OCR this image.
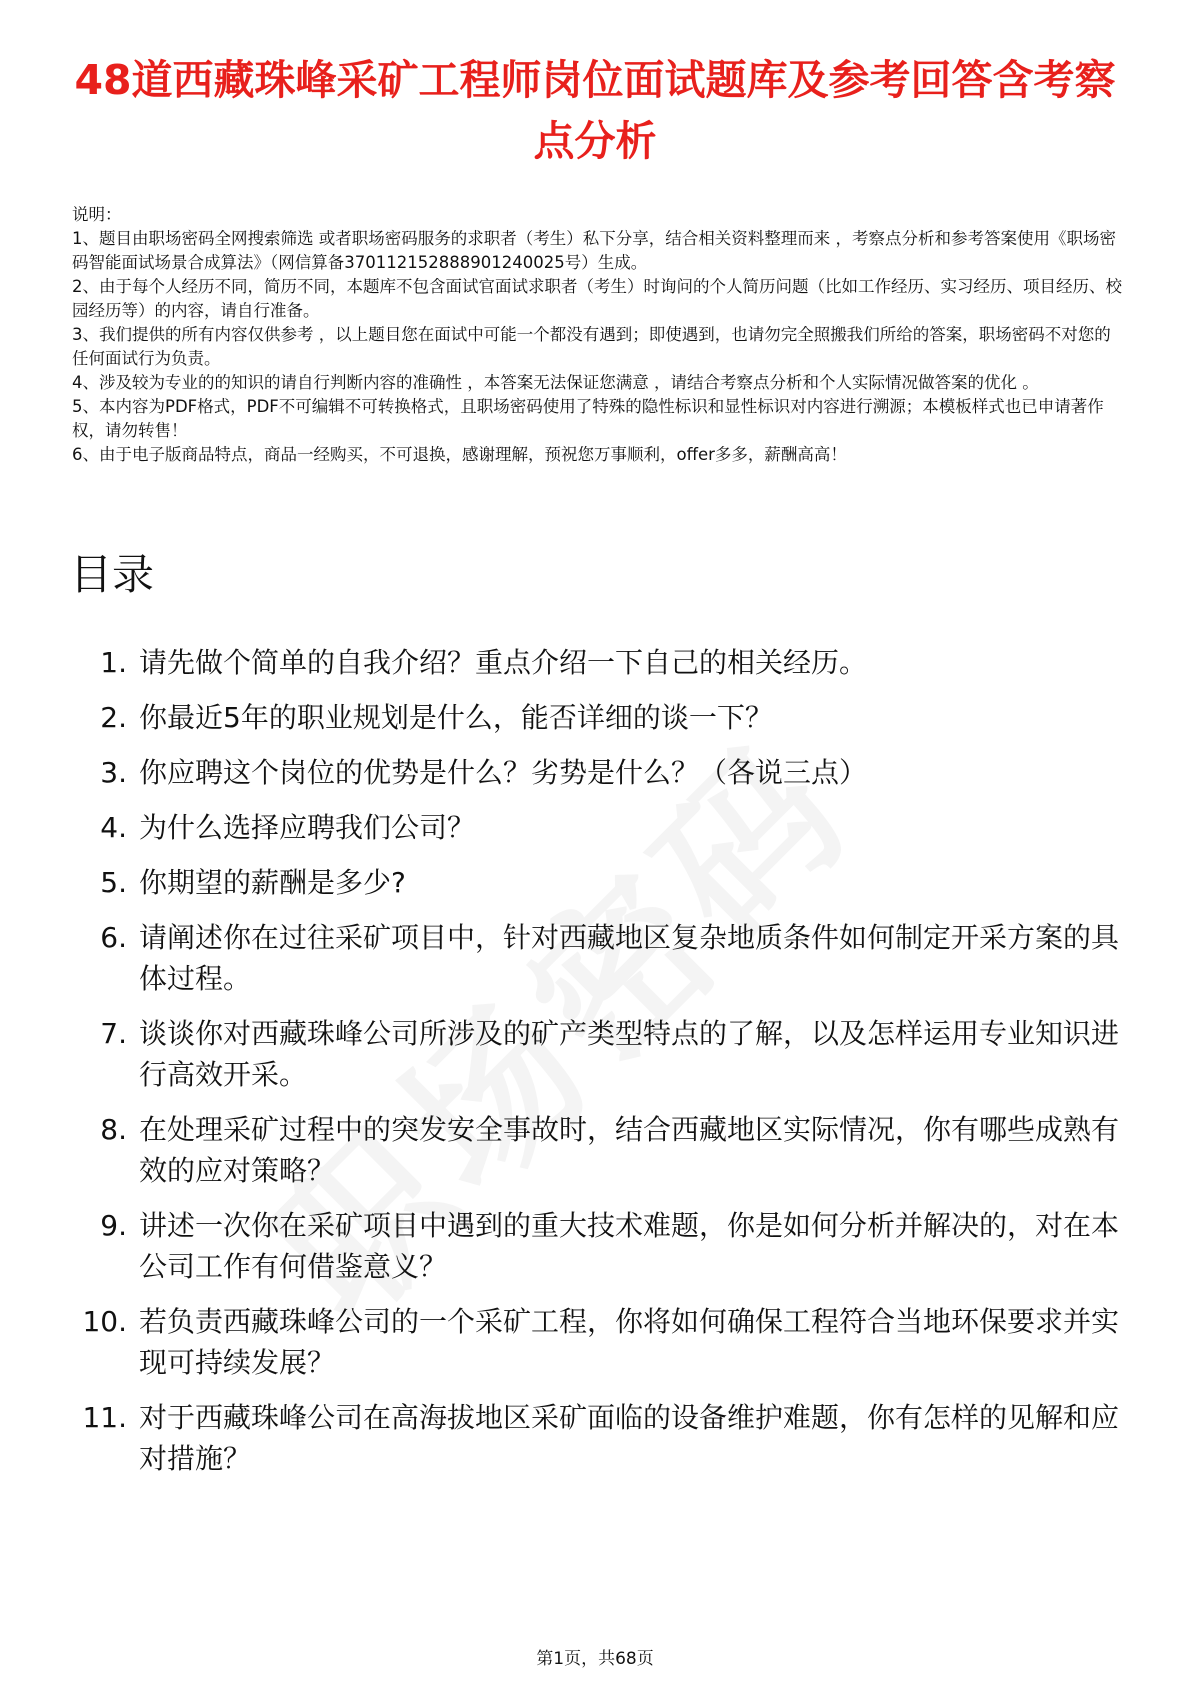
48道西藏珠峰采矿工程师岗位面试题库及参考回答含考察点分析

说明：

1、题目由职场密码全网搜索筛选 或者职场密码服务的求职者（考生）私下分享，结合相关资料整理而来 ，考察点分析和参考答案使用《职场密码智能面试场景合成算法》（网信算备370112152888901240025号）生成。

2、由于每个人经历不同，简历不同，本题库不包含面试官面试求职者（考生）时询问的个人简历问题（比如工作经历、实习经历、项目经历、校园经历等）的内容，请自行准备。

3、我们提供的所有内容仅供参考 ，以上题目您在面试中可能一个都没有遇到；即使遇到，也请勿完全照搬我们所给的答案，职场密码不对您的任何面试行为负责。

4、涉及较为专业的的知识的请自行判断内容的准确性 ，本答案无法保证您满意 ，请结合考察点分析和个人实际情况做答案的优化 。

5、本内容为PDF格式，PDF不可编辑不可转换格式，且职场密码使用了特殊的隐性标识和显性标识对内容进行溯源；本模板样式也已申请著作权，请勿转售！

6、由于电子版商品特点，商品一经购买，不可退换，感谢理解，预祝您万事顺利，offer多多，薪酬高高！

目录
1. 请先做个简单的自我介绍？重点介绍一下自己的相关经历。
2. 你最近5年的职业规划是什么，能否详细的谈一下？
3. 你应聘这个岗位的优势是什么？劣势是什么？（各说三点）
4. 为什么选择应聘我们公司？
5. 你期望的薪酬是多少?
6. 请阐述你在过往采矿项目中，针对西藏地区复杂地质条件如何制定开采方案的具体过程。
7. 谈谈你对西藏珠峰公司所涉及的矿产类型特点的了解，以及怎样运用专业知识进行高效开采。
8. 在处理采矿过程中的突发安全事故时，结合西藏地区实际情况，你有哪些成熟有效的应对策略？
9. 讲述一次你在采矿项目中遇到的重大技术难题，你是如何分析并解决的，对在本公司工作有何借鉴意义？
10. 若负责西藏珠峰公司的一个采矿工程，你将如何确保工程符合当地环保要求并实现可持续发展？
11. 对于西藏珠峰公司在高海拔地区采矿面临的设备维护难题，你有怎样的见解和应对措施？
第1页，共68页
